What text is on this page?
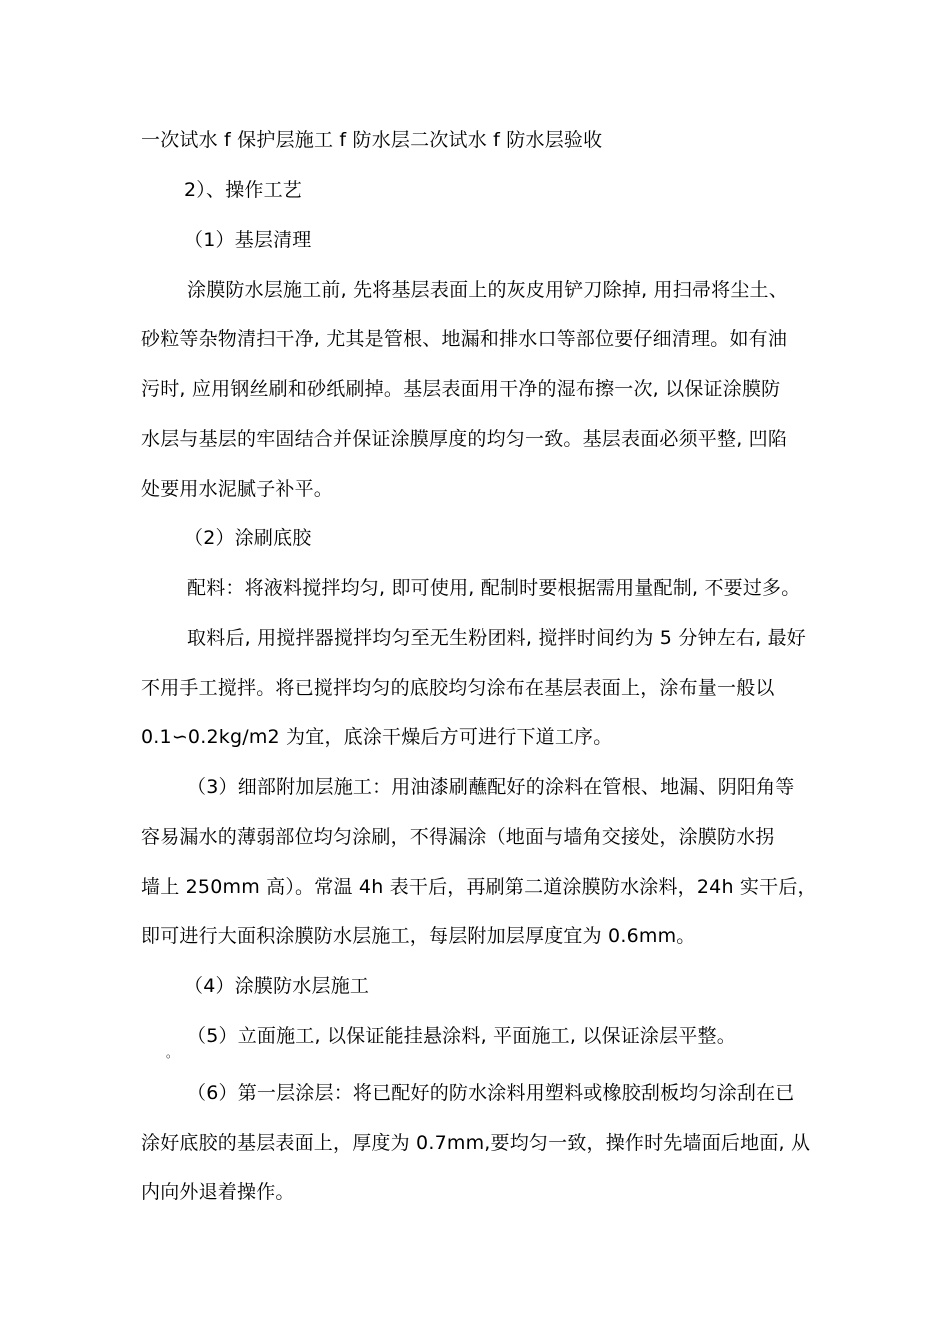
一次试水 f 保护层施工 f 防水层二次试水 f 防水层验收
2）、操作工艺
（1）基层清理
涂膜防水层施工前, 先将基层表面上的灰皮用铲刀除掉, 用扫帚将尘土、
砂粒等杂物清扫干净, 尤其是管根、地漏和排水口等部位要仔细清理。如有油
污时, 应用钢丝刷和砂纸刷掉。基层表面用干净的湿布擦一次, 以保证涂膜防
水层与基层的牢固结合并保证涂膜厚度的均匀一致。基层表面必须平整, 凹陷
处要用水泥腻子补平。
（2）涂刷底胶
配料：将液料搅拌均匀, 即可使用, 配制时要根据需用量配制, 不要过多。
取料后, 用搅拌器搅拌均匀至无生粉团料, 搅拌时间约为 5 分钟左右, 最好
不用手工搅拌。将已搅拌均匀的底胶均匀涂布在基层表面上，涂布量一般以
0.1∽0.2kg/m2 为宜，底涂干燥后方可进行下道工序。
（3）细部附加层施工：用油漆刷蘸配好的涂料在管根、地漏、阴阳角等
容易漏水的薄弱部位均匀涂刷，不得漏涂（地面与墙角交接处，涂膜防水拐
墙上 250mm 高）。常温 4h 表干后，再刷第二道涂膜防水涂料，24h 实干后，
即可进行大面积涂膜防水层施工，每层附加层厚度宜为 0.6mm。
（4）涂膜防水层施工
（5）立面施工, 以保证能挂悬涂料, 平面施工, 以保证涂层平整。
。
（6）第一层涂层：将已配好的防水涂料用塑料或橡胶刮板均匀涂刮在已
涂好底胶的基层表面上，厚度为 0.7mm,要均匀一致，操作时先墙面后地面, 从
内向外退着操作。
